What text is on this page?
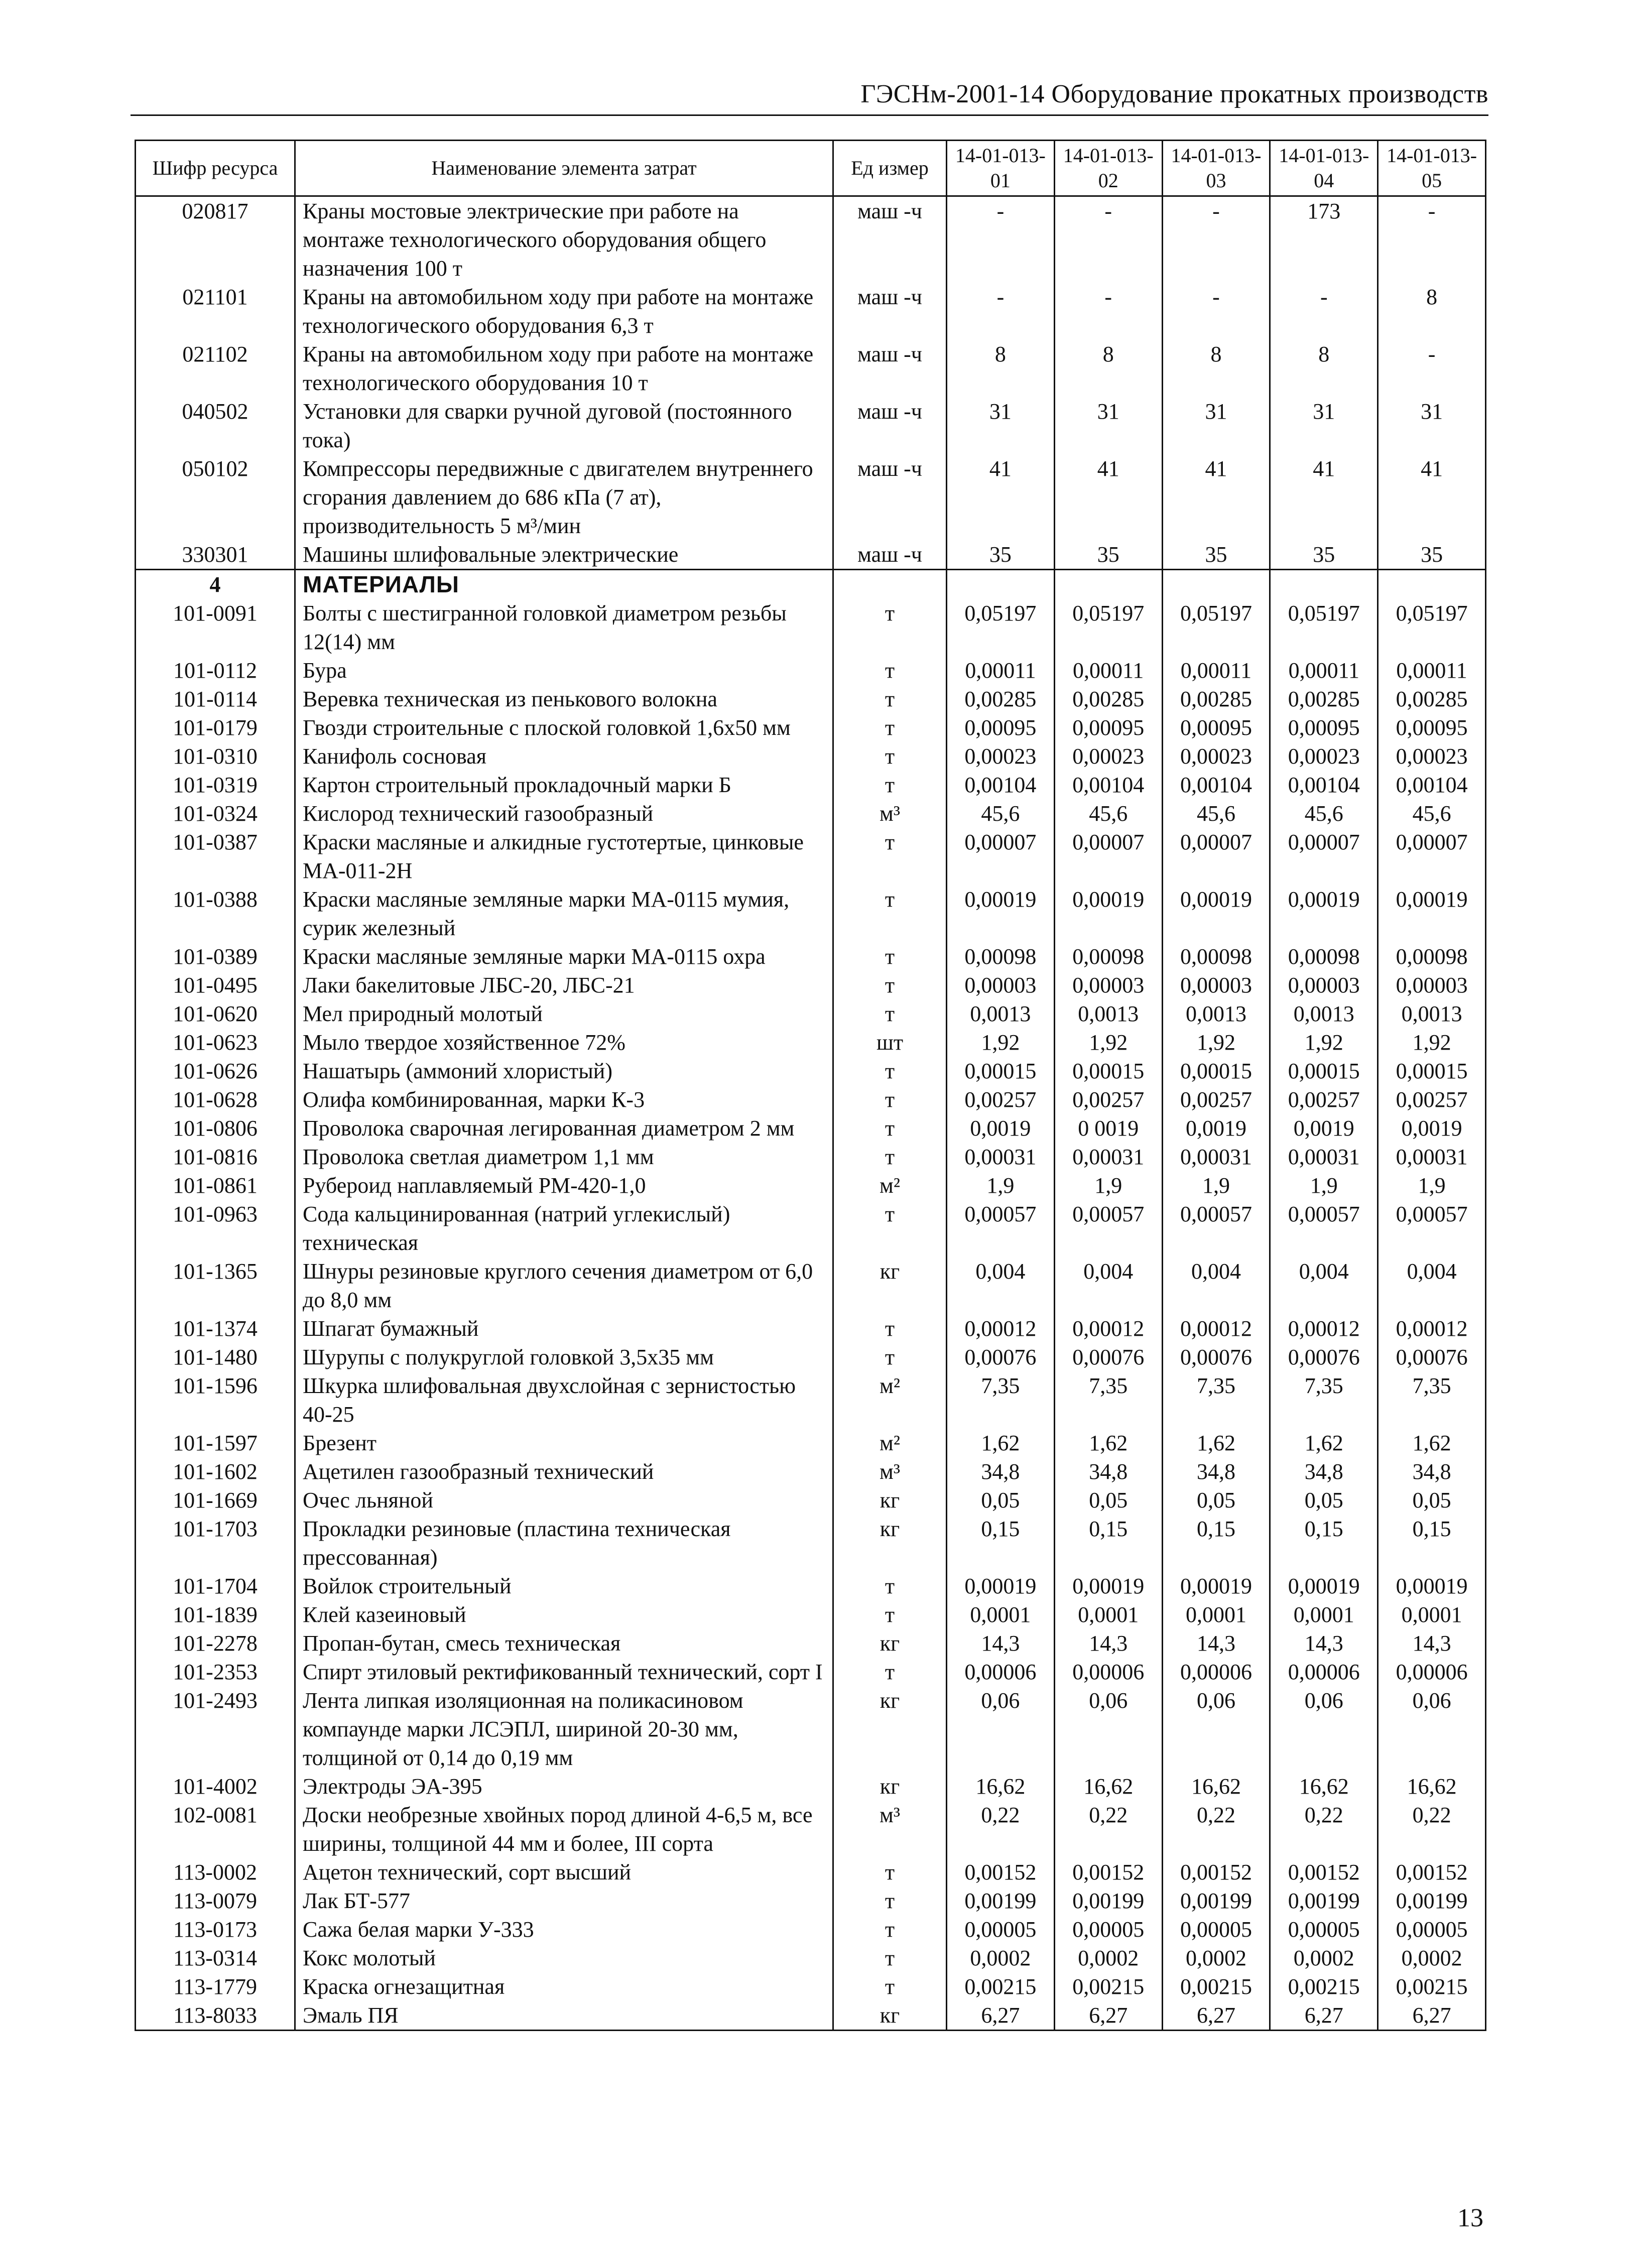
ГЭСНм-2001-14 Оборудование прокатных производств
Шифр ресурса	Наименование элемента затрат	Ед измер	14-01-013-01	14-01-013-02	14-01-013-03	14-01-013-04	14-01-013-05
020817	Краны мостовые электрические при работе на монтаже технологического оборудования общего назначения 100 т	маш -ч	-	-	-	173	-
021101	Краны на автомобильном ходу при работе на монтаже технологического оборудования 6,3 т	маш -ч	-	-	-	-	8
021102	Краны на автомобильном ходу при работе на монтаже технологического оборудования 10 т	маш -ч	8	8	8	8	-
040502	Установки для сварки ручной дуговой (постоянного тока)	маш -ч	31	31	31	31	31
050102	Компрессоры передвижные с двигателем внутреннего сгорания давлением до 686 кПа (7 ат), производительность 5 м³/мин	маш -ч	41	41	41	41	41
330301	Машины шлифовальные электрические	маш -ч	35	35	35	35	35
4	МАТЕРИАЛЫ						
101-0091	Болты с шестигранной головкой диаметром резьбы 12(14) мм	т	0,05197	0,05197	0,05197	0,05197	0,05197
101-0112	Бура	т	0,00011	0,00011	0,00011	0,00011	0,00011
101-0114	Веревка техническая из пенькового волокна	т	0,00285	0,00285	0,00285	0,00285	0,00285
101-0179	Гвозди строительные с плоской головкой 1,6х50 мм	т	0,00095	0,00095	0,00095	0,00095	0,00095
101-0310	Канифоль сосновая	т	0,00023	0,00023	0,00023	0,00023	0,00023
101-0319	Картон строительный прокладочный марки Б	т	0,00104	0,00104	0,00104	0,00104	0,00104
101-0324	Кислород технический газообразный	м³	45,6	45,6	45,6	45,6	45,6
101-0387	Краски масляные и алкидные густотертые, цинковые МА-011-2Н	т	0,00007	0,00007	0,00007	0,00007	0,00007
101-0388	Краски масляные земляные марки МА-0115 мумия, сурик железный	т	0,00019	0,00019	0,00019	0,00019	0,00019
101-0389	Краски масляные земляные марки МА-0115 охра	т	0,00098	0,00098	0,00098	0,00098	0,00098
101-0495	Лаки бакелитовые ЛБС-20, ЛБС-21	т	0,00003	0,00003	0,00003	0,00003	0,00003
101-0620	Мел природный молотый	т	0,0013	0,0013	0,0013	0,0013	0,0013
101-0623	Мыло твердое хозяйственное 72%	шт	1,92	1,92	1,92	1,92	1,92
101-0626	Нашатырь (аммоний хлористый)	т	0,00015	0,00015	0,00015	0,00015	0,00015
101-0628	Олифа комбинированная, марки К-3	т	0,00257	0,00257	0,00257	0,00257	0,00257
101-0806	Проволока сварочная легированная диаметром 2 мм	т	0,0019	0 0019	0,0019	0,0019	0,0019
101-0816	Проволока светлая диаметром 1,1 мм	т	0,00031	0,00031	0,00031	0,00031	0,00031
101-0861	Рубероид наплавляемый РМ-420-1,0	м²	1,9	1,9	1,9	1,9	1,9
101-0963	Сода кальцинированная (натрий углекислый) техническая	т	0,00057	0,00057	0,00057	0,00057	0,00057
101-1365	Шнуры резиновые круглого сечения диаметром от 6,0 до 8,0 мм	кг	0,004	0,004	0,004	0,004	0,004
101-1374	Шпагат бумажный	т	0,00012	0,00012	0,00012	0,00012	0,00012
101-1480	Шурупы с полукруглой головкой 3,5х35 мм	т	0,00076	0,00076	0,00076	0,00076	0,00076
101-1596	Шкурка шлифовальная двухслойная с зернистостью 40-25	м²	7,35	7,35	7,35	7,35	7,35
101-1597	Брезент	м²	1,62	1,62	1,62	1,62	1,62
101-1602	Ацетилен газообразный технический	м³	34,8	34,8	34,8	34,8	34,8
101-1669	Очес льняной	кг	0,05	0,05	0,05	0,05	0,05
101-1703	Прокладки резиновые (пластина техническая прессованная)	кг	0,15	0,15	0,15	0,15	0,15
101-1704	Войлок строительный	т	0,00019	0,00019	0,00019	0,00019	0,00019
101-1839	Клей казеиновый	т	0,0001	0,0001	0,0001	0,0001	0,0001
101-2278	Пропан-бутан, смесь техническая	кг	14,3	14,3	14,3	14,3	14,3
101-2353	Спирт этиловый ректификованный технический, сорт I	т	0,00006	0,00006	0,00006	0,00006	0,00006
101-2493	Лента липкая изоляционная на поликасиновом компаунде марки ЛСЭПЛ, шириной 20-30 мм, толщиной от 0,14 до 0,19 мм	кг	0,06	0,06	0,06	0,06	0,06
101-4002	Электроды ЭА-395	кг	16,62	16,62	16,62	16,62	16,62
102-0081	Доски необрезные хвойных пород длиной 4-6,5 м, все ширины, толщиной 44 мм и более, III сорта	м³	0,22	0,22	0,22	0,22	0,22
113-0002	Ацетон технический, сорт высший	т	0,00152	0,00152	0,00152	0,00152	0,00152
113-0079	Лак БТ-577	т	0,00199	0,00199	0,00199	0,00199	0,00199
113-0173	Сажа белая марки У-333	т	0,00005	0,00005	0,00005	0,00005	0,00005
113-0314	Кокс молотый	т	0,0002	0,0002	0,0002	0,0002	0,0002
113-1779	Краска огнезащитная	т	0,00215	0,00215	0,00215	0,00215	0,00215
113-8033	Эмаль ПЯ	кг	6,27	6,27	6,27	6,27	6,27
13
